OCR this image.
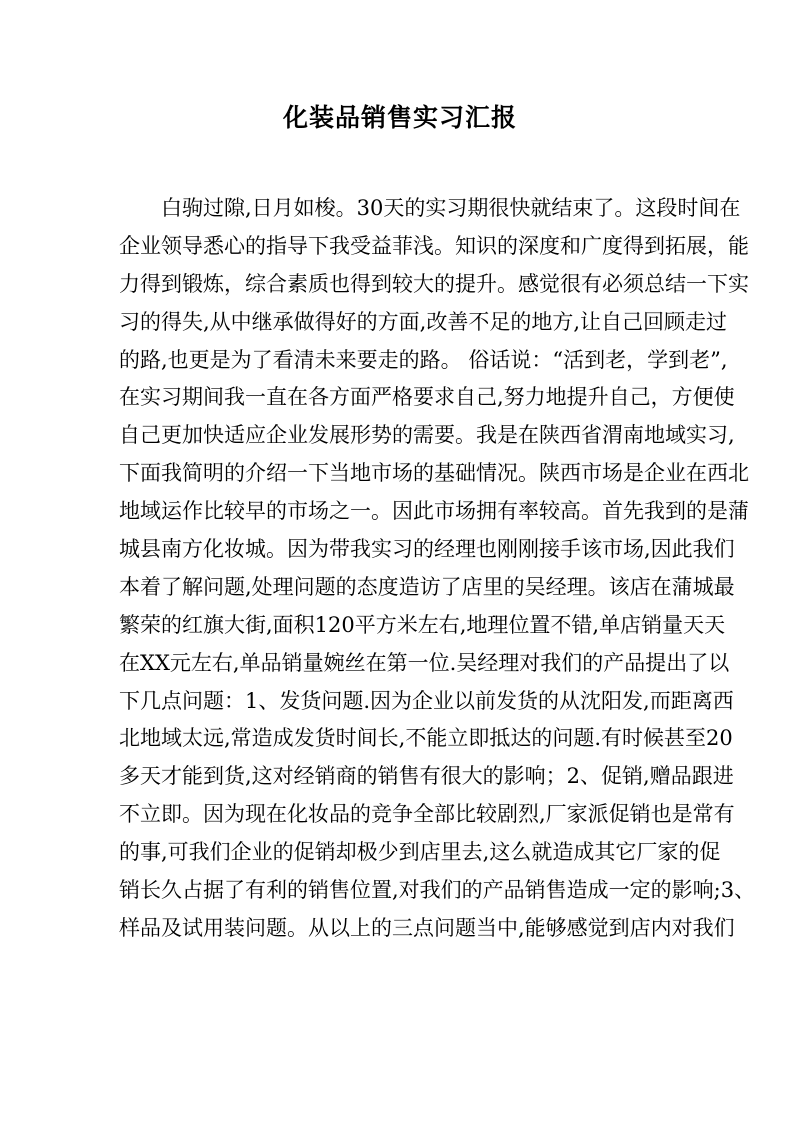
化装品销售实习汇报
白驹过隙,日月如梭。30天的实习期很快就结束了。这段时间在
企业领导悉心的指导下我受益菲浅。知识的深度和广度得到拓展，能
力得到锻炼，综合素质也得到较大的提升。感觉很有必须总结一下实
习的得失,从中继承做得好的方面,改善不足的地方,让自己回顾走过
的路,也更是为了看清未来要走的路。 俗话说：“活到老，学到老”,
在实习期间我一直在各方面严格要求自己,努力地提升自己，方便使
自己更加快适应企业发展形势的需要。我是在陕西省渭南地域实习,
下面我简明的介绍一下当地市场的基础情况。陕西市场是企业在西北
地域运作比较早的市场之一。因此市场拥有率较高。首先我到的是蒲
城县南方化妆城。因为带我实习的经理也刚刚接手该市场,因此我们
本着了解问题,处理问题的态度造访了店里的吴经理。该店在蒲城最
繁荣的红旗大街,面积120平方米左右,地理位置不错,单店销量天天
在XX元左右,单品销量婉丝在第一位.吴经理对我们的产品提出了以
下几点问题：1、发货问题.因为企业以前发货的从沈阳发,而距离西
北地域太远,常造成发货时间长,不能立即抵达的问题.有时候甚至20
多天才能到货,这对经销商的销售有很大的影响；2、促销,赠品跟进
不立即。因为现在化妆品的竞争全部比较剧烈,厂家派促销也是常有
的事,可我们企业的促销却极少到店里去,这么就造成其它厂家的促
销长久占据了有利的销售位置,对我们的产品销售造成一定的影响;3、
样品及试用装问题。从以上的三点问题当中,能够感觉到店内对我们
